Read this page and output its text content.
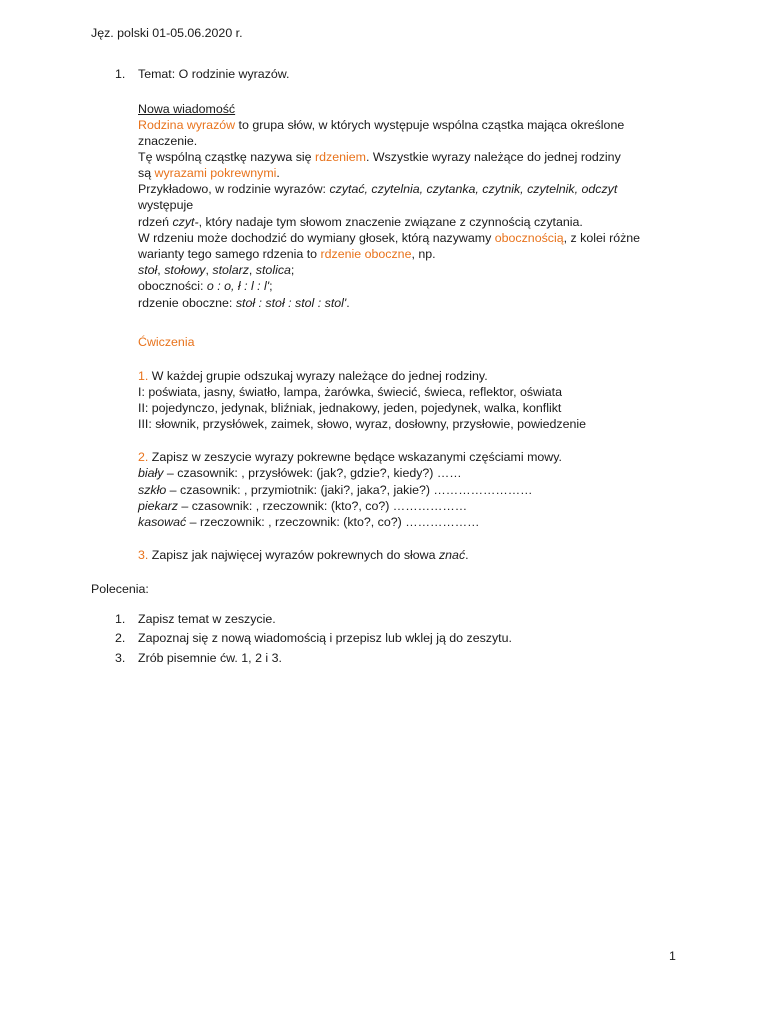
Jęz. polski 01-05.06.2020 r.
1. Temat: O rodzinie wyrazów.
Nowa wiadomość
Rodzina wyrazów to grupa słów, w których występuje wspólna cząstka mająca określone
znaczenie.
Tę wspólną cząstkę nazywa się rdzeniem. Wszystkie wyrazy należące do jednej rodziny
są wyrazami pokrewnymi.
Przykładowo, w rodzinie wyrazów: czytać, czytelnia, czytanka, czytnik, czytelnik, odczyt
występuje
rdzeń czyt-, który nadaje tym słowom znaczenie związane z czynnością czytania.
W rdzeniu może dochodzić do wymiany głosek, którą nazywamy obocznością, z kolei różne
warianty tego samego rdzenia to rdzenie oboczne, np.
stoł, stołowy, stolarz, stolica;
oboczności: o : o, ł : l : l';
rdzenie oboczne: stoł : stoł : stol : stol'.
Ćwiczenia
1. W każdej grupie odszukaj wyrazy należące do jednej rodziny.
I: poświata, jasny, światło, lampa, żarówka, świecić, świeca, reflektor, oświata
II: pojedynczo, jedynak, bliźniak, jednakowy, jeden, pojedynek, walka, konflikt
III: słownik, przysłówek, zaimek, słowo, wyraz, dosłowny, przysłowie, powiedzenie
2. Zapisz w zeszycie wyrazy pokrewne będące wskazanymi częściami mowy.
biały – czasownik: , przysłówek: (jak?, gdzie?, kiedy?) ……
szkło – czasownik: , przymiotnik: (jaki?, jaka?, jakie?) ……………………
piekarz – czasownik: , rzeczownik: (kto?, co?) ………………
kasować – rzeczownik: , rzeczownik: (kto?, co?) ………………
3. Zapisz jak najwięcej wyrazów pokrewnych do słowa znać.
Polecenia:
1. Zapisz temat w zeszycie.
2. Zapoznaj się z nową wiadomością i przepisz lub wklej ją do zeszytu.
3. Zrób pisemnie ćw. 1, 2 i 3.
1
